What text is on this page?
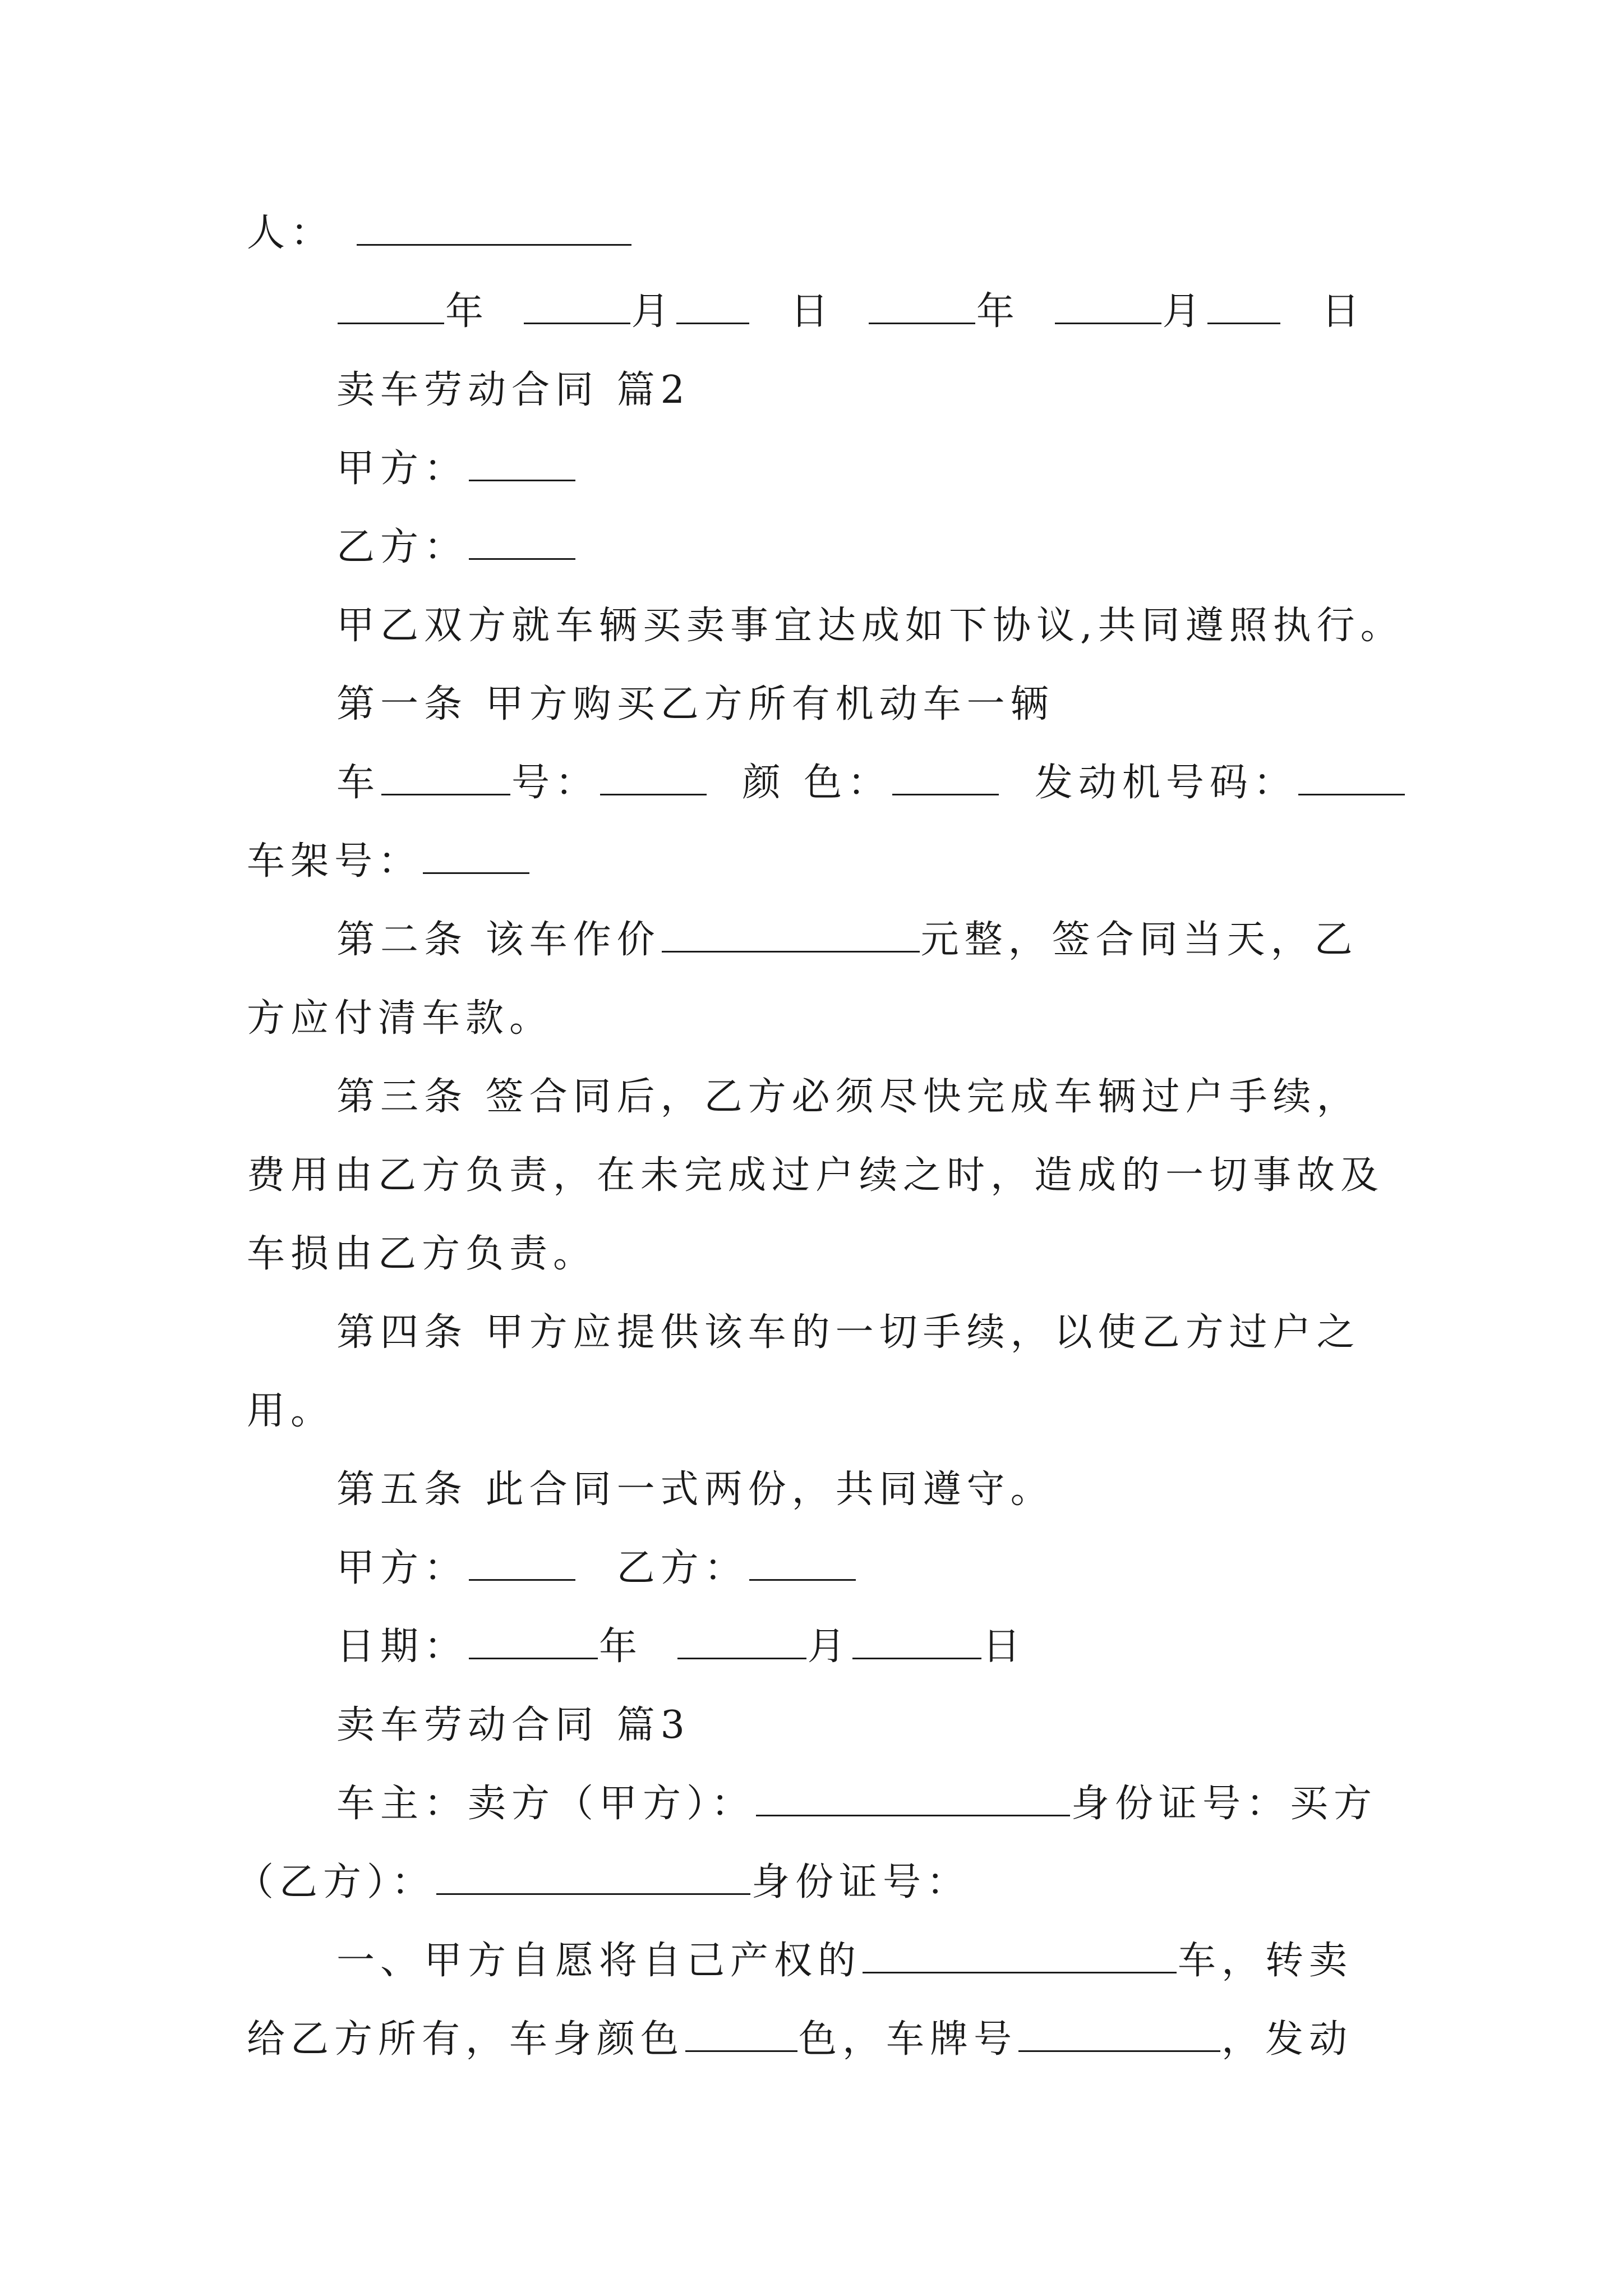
人：
年	月	日	年	月	日
卖车劳动合同 篇2
甲方：
乙方：
甲乙双方就车辆买卖事宜达成如下协议,共同遵照执行。
第一条 甲方购买乙方所有机动车一辆
车	号：	颜 色：	发动机号码：
车架号：
第二条 该车作价	元整，签合同当天，乙
方应付清车款。
第三条 签合同后，乙方必须尽快完成车辆过户手续，
费用由乙方负责，在未完成过户续之时，造成的一切事故及
车损由乙方负责。
第四条 甲方应提供该车的一切手续，以使乙方过户之
用。
第五条 此合同一式两份，共同遵守。
甲方：	乙方：
日期：	年	月	日
卖车劳动合同 篇3
车主：卖方（甲方）：	身份证号：买方
（乙方）：	身份证号：
一、甲方自愿将自己产权的	车，转卖
给乙方所有，车身颜色	色，车牌号	，发动
